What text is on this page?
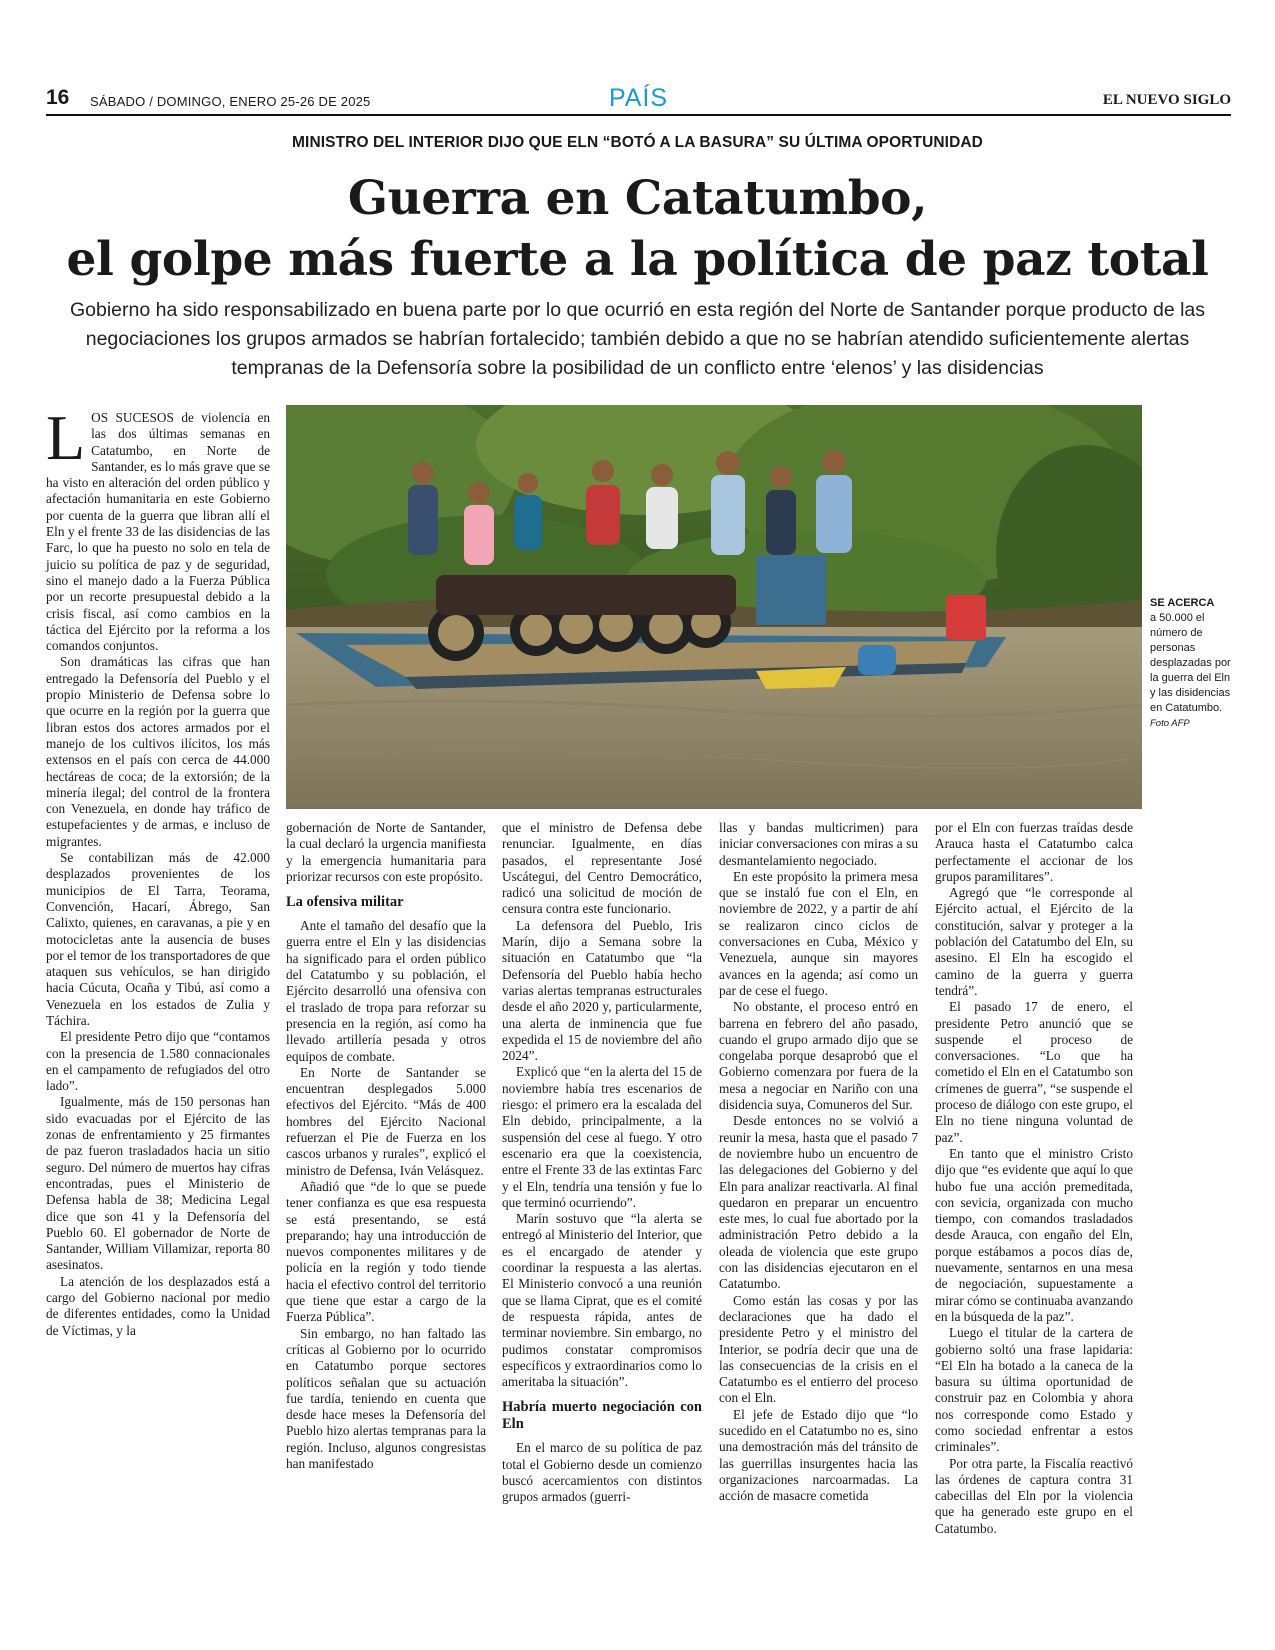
16 SÁBADO / DOMINGO, ENERO 25-26 DE 2025	PAÍS	EL NUEVO SIGLO
MINISTRO DEL INTERIOR DIJO QUE ELN “BOTÓ A LA BASURA” SU ÚLTIMA OPORTUNIDAD
Guerra en Catatumbo,
el golpe más fuerte a la política de paz total
Gobierno ha sido responsabilizado en buena parte por lo que ocurrió en esta región del Norte de Santander porque producto de las negociaciones los grupos armados se habrían fortalecido; también debido a que no se habrían atendido suficientemente alertas tempranas de la Defensoría sobre la posibilidad de un conflicto entre ‘elenos’ y las disidencias
SE ACERCA
a 50.000 el número de personas desplazadas por la guerra del Eln y las disidencias en Catatumbo.
Foto AFP

LOS SUCESOS de violencia en las dos últimas semanas en Catatumbo, en Norte de Santander, es lo más grave que se ha visto en alteración del orden público y afectación humanitaria en este Gobierno por cuenta de la guerra que libran allí el Eln y el frente 33 de las disidencias de las Farc, lo que ha puesto no solo en tela de juicio su política de paz y de seguridad, sino el manejo dado a la Fuerza Pública por un recorte presupuestal debido a la crisis fiscal, así como cambios en la táctica del Ejército por la reforma a los comandos conjuntos.

Son dramáticas las cifras que han entregado la Defensoría del Pueblo y el propio Ministerio de Defensa sobre lo que ocurre en la región por la guerra que libran estos dos actores armados por el manejo de los cultivos ilícitos, los más extensos en el país con cerca de 44.000 hectáreas de coca; de la extorsión; de la minería ilegal; del control de la frontera con Venezuela, en donde hay tráfico de estupefacientes y de armas, e incluso de migrantes.

Se contabilizan más de 42.000 desplazados provenientes de los municipios de El Tarra, Teorama, Convención, Hacarí, Ábrego, San Calixto, quienes, en caravanas, a pie y en motocicletas ante la ausencia de buses por el temor de los transportadores de que ataquen sus vehículos, se han dirigido hacia Cúcuta, Ocaña y Tibú, así como a Venezuela en los estados de Zulia y Táchira.

El presidente Petro dijo que “contamos con la presencia de 1.580 connacionales en el campamento de refugiados del otro lado”.

Igualmente, más de 150 personas han sido evacuadas por el Ejército de las zonas de enfrentamiento y 25 firmantes de paz fueron trasladados hacia un sitio seguro. Del número de muertos hay cifras encontradas, pues el Ministerio de Defensa habla de 38; Medicina Legal dice que son 41 y la Defensoría del Pueblo 60. El gobernador de Norte de Santander, William Villamizar, reporta 80 asesinatos.

La atención de los desplazados está a cargo del Gobierno nacional por medio de diferentes entidades, como la Unidad de Víctimas, y la

gobernación de Norte de Santander, la cual declaró la urgencia manifiesta y la emergencia humanitaria para priorizar recursos con este propósito.

La ofensiva militar

Ante el tamaño del desafío que la guerra entre el Eln y las disidencias ha significado para el orden público del Catatumbo y su población, el Ejército desarrolló una ofensiva con el traslado de tropa para reforzar su presencia en la región, así como ha llevado artillería pesada y otros equipos de combate.

En Norte de Santander se encuentran desplegados 5.000 efectivos del Ejército. “Más de 400 hombres del Ejército Nacional refuerzan el Pie de Fuerza en los cascos urbanos y rurales”, explicó el ministro de Defensa, Iván Velásquez.

Añadió que “de lo que se puede tener confianza es que esa respuesta se está presentando, se está preparando; hay una introducción de nuevos componentes militares y de policía en la región y todo tiende hacia el efectivo control del territorio que tiene que estar a cargo de la Fuerza Pública”.

Sin embargo, no han faltado las críticas al Gobierno por lo ocurrido en Catatumbo porque sectores políticos señalan que su actuación fue tardía, teniendo en cuenta que desde hace meses la Defensoría del Pueblo hizo alertas tempranas para la región. Incluso, algunos congresistas han manifestado

que el ministro de Defensa debe renunciar. Igualmente, en días pasados, el representante José Uscátegui, del Centro Democrático, radicó una solicitud de moción de censura contra este funcionario.

La defensora del Pueblo, Iris Marín, dijo a Semana sobre la situación en Catatumbo que “la Defensoría del Pueblo había hecho varias alertas tempranas estructurales desde el año 2020 y, particularmente, una alerta de inminencia que fue expedida el 15 de noviembre del año 2024”.

Explicó que “en la alerta del 15 de noviembre había tres escenarios de riesgo: el primero era la escalada del Eln debido, principalmente, a la suspensión del cese al fuego. Y otro escenario era que la coexistencia, entre el Frente 33 de las extintas Farc y el Eln, tendría una tensión y fue lo que terminó ocurriendo”.

Marín sostuvo que “la alerta se entregó al Ministerio del Interior, que es el encargado de atender y coordinar la respuesta a las alertas. El Ministerio convocó a una reunión que se llama Ciprat, que es el comité de respuesta rápida, antes de terminar noviembre. Sin embargo, no pudimos constatar compromisos específicos y extraordinarios como lo ameritaba la situación”.

Habría muerto negociación con Eln

En el marco de su política de paz total el Gobierno desde un comienzo buscó acercamientos con distintos grupos armados (guerri-

llas y bandas multicrimen) para iniciar conversaciones con miras a su desmantelamiento negociado.

En este propósito la primera mesa que se instaló fue con el Eln, en noviembre de 2022, y a partir de ahí se realizaron cinco ciclos de conversaciones en Cuba, México y Venezuela, aunque sin mayores avances en la agenda; así como un par de cese el fuego.

No obstante, el proceso entró en barrena en febrero del año pasado, cuando el grupo armado dijo que se congelaba porque desaprobó que el Gobierno comenzara por fuera de la mesa a negociar en Nariño con una disidencia suya, Comuneros del Sur.

Desde entonces no se volvió a reunir la mesa, hasta que el pasado 7 de noviembre hubo un encuentro de las delegaciones del Gobierno y del Eln para analizar reactivarla. Al final quedaron en preparar un encuentro este mes, lo cual fue abortado por la administración Petro debido a la oleada de violencia que este grupo con las disidencias ejecutaron en el Catatumbo.

Como están las cosas y por las declaraciones que ha dado el presidente Petro y el ministro del Interior, se podría decir que una de las consecuencias de la crisis en el Catatumbo es el entierro del proceso con el Eln.

El jefe de Estado dijo que “lo sucedido en el Catatumbo no es, sino una demostración más del tránsito de las guerrillas insurgentes hacia las organizaciones narcoarmadas. La acción de masacre cometida

por el Eln con fuerzas traídas desde Arauca hasta el Catatumbo calca perfectamente el accionar de los grupos paramilitares”.

Agregó que “le corresponde al Ejército actual, el Ejército de la constitución, salvar y proteger a la población del Catatumbo del Eln, su asesino. El Eln ha escogido el camino de la guerra y guerra tendrá”.

El pasado 17 de enero, el presidente Petro anunció que se suspende el proceso de conversaciones. “Lo que ha cometido el Eln en el Catatumbo son crímenes de guerra”, “se suspende el proceso de diálogo con este grupo, el Eln no tiene ninguna voluntad de paz”.

En tanto que el ministro Cristo dijo que “es evidente que aquí lo que hubo fue una acción premeditada, con sevicia, organizada con mucho tiempo, con comandos trasladados desde Arauca, con engaño del Eln, porque estábamos a pocos días de, nuevamente, sentarnos en una mesa de negociación, supuestamente a mirar cómo se continuaba avanzando en la búsqueda de la paz”.

Luego el titular de la cartera de gobierno soltó una frase lapidaria: “El Eln ha botado a la caneca de la basura su última oportunidad de construir paz en Colombia y ahora nos corresponde como Estado y como sociedad enfrentar a estos criminales”.

Por otra parte, la Fiscalía reactivó las órdenes de captura contra 31 cabecillas del Eln por la violencia que ha generado este grupo en el Catatumbo.
